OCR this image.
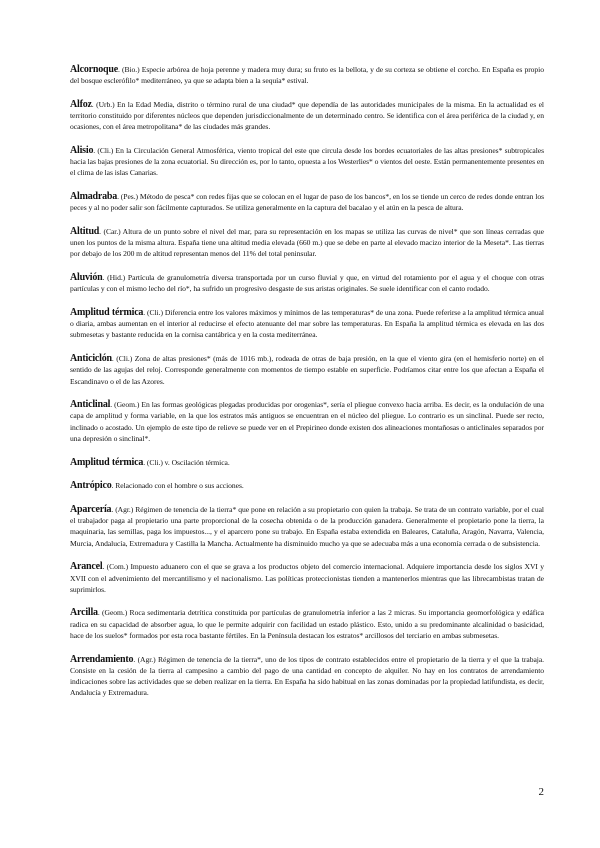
Alcornoque. (Bio.) Especie arbórea de hoja perenne y madera muy dura; su fruto es la bellota, y de su corteza se obtiene el corcho. En España es propio del bosque esclerófilo* mediterráneo, ya que se adapta bien a la sequía* estival.

Alfoz. (Urb.) En la Edad Media, distrito o término rural de una ciudad* que dependía de las autoridades municipales de la misma. En la actualidad es el territorio constituido por diferentes núcleos que dependen jurisdiccionalmente de un determinado centro. Se identifica con el área periférica de la ciudad y, en ocasiones, con el área metropolitana* de las ciudades más grandes.

Alisio. (Cli.) En la Circulación General Atmosférica, viento tropical del este que circula desde los bordes ecuatoriales de las altas presiones* subtropicales hacia las bajas presiones de la zona ecuatorial. Su dirección es, por lo tanto, opuesta a los Westerlies* o vientos del oeste. Están permanentemente presentes en el clima de las islas Canarias.

Almadraba. (Pes.) Método de pesca* con redes fijas que se colocan en el lugar de paso de los bancos*, en los se tiende un cerco de redes donde entran los peces y al no poder salir son fácilmente capturados. Se utiliza generalmente en la captura del bacalao y el atún en la pesca de altura.

Altitud. (Car.) Altura de un punto sobre el nivel del mar, para su representación en los mapas se utiliza las curvas de nivel* que son líneas cerradas que unen los puntos de la misma altura. España tiene una altitud media elevada (660 m.) que se debe en parte al elevado macizo interior de la Meseta*. Las tierras por debajo de los 200 m de altitud representan menos del 11% del total peninsular.

Aluvión. (Hid.) Partícula de granulometría diversa transportada por un curso fluvial y que, en virtud del rotamiento por el agua y el choque con otras partículas y con el mismo lecho del río*, ha sufrido un progresivo desgaste de sus aristas originales. Se suele identificar con el canto rodado.

Amplitud térmica. (Cli.) Diferencia entre los valores máximos y mínimos de las temperaturas* de una zona. Puede referirse a la amplitud térmica anual o diaria, ambas aumentan en el interior al reducirse el efecto atenuante del mar sobre las temperaturas. En España la amplitud térmica es elevada en las dos submesetas y bastante reducida en la cornisa cantábrica y en la costa mediterránea.

Anticiclón. (Cli.) Zona de altas presiones* (más de 1016 mb.), rodeada de otras de baja presión, en la que el viento gira (en el hemisferio norte) en el sentido de las agujas del reloj. Corresponde generalmente con momentos de tiempo estable en superficie. Podríamos citar entre los que afectan a España el Escandinavo o el de las Azores.

Anticlinal. (Geom.) En las formas geológicas plegadas producidas por orogenias*, sería el pliegue convexo hacia arriba. Es decir, es la ondulación de una capa de amplitud y forma variable, en la que los estratos más antiguos se encuentran en el núcleo del pliegue. Lo contrario es un sinclinal. Puede ser recto, inclinado o acostado. Un ejemplo de este tipo de relieve se puede ver en el Prepirineo donde existen dos alineaciones montañosas o anticlinales separados por una depresión o sinclinal*.

Amplitud térmica. (Cli.) v. Oscilación térmica.

Antrópico. Relacionado con el hombre o sus acciones.

Aparcería. (Agr.) Régimen de tenencia de la tierra* que pone en relación a su propietario con quien la trabaja. Se trata de un contrato variable, por el cual el trabajador paga al propietario una parte proporcional de la cosecha obtenida o de la producción ganadera. Generalmente el propietario pone la tierra, la maquinaria, las semillas, paga los impuestos..., y el aparcero pone su trabajo. En España estaba extendida en Baleares, Cataluña, Aragón, Navarra, Valencia, Murcia, Andalucía, Extremadura y Castilla la Mancha. Actualmente ha disminuido mucho ya que se adecuaba más a una economía cerrada o de subsistencia.

Arancel. (Com.) Impuesto aduanero con el que se grava a los productos objeto del comercio internacional. Adquiere importancia desde los siglos XVI y XVII con el advenimiento del mercantilismo y el nacionalismo. Las políticas proteccionistas tienden a mantenerlos mientras que las librecambistas tratan de suprimirlos.

Arcilla. (Geom.) Roca sedimentaria detrítica constituida por partículas de granulometría inferior a las 2 micras. Su importancia geomorfológica y edáfica radica en su capacidad de absorber agua, lo que le permite adquirir con facilidad un estado plástico. Esto, unido a su predominante alcalinidad o basicidad, hace de los suelos* formados por esta roca bastante fértiles. En la Península destacan los estratos* arcillosos del terciario en ambas submesetas.

Arrendamiento. (Agr.) Régimen de tenencia de la tierra*, uno de los tipos de contrato establecidos entre el propietario de la tierra y el que la trabaja. Consiste en la cesión de la tierra al campesino a cambio del pago de una cantidad en concepto de alquiler. No hay en los contratos de arrendamiento indicaciones sobre las actividades que se deben realizar en la tierra. En España ha sido habitual en las zonas dominadas por la propiedad latifundista, es decir, Andalucía y Extremadura.

2
